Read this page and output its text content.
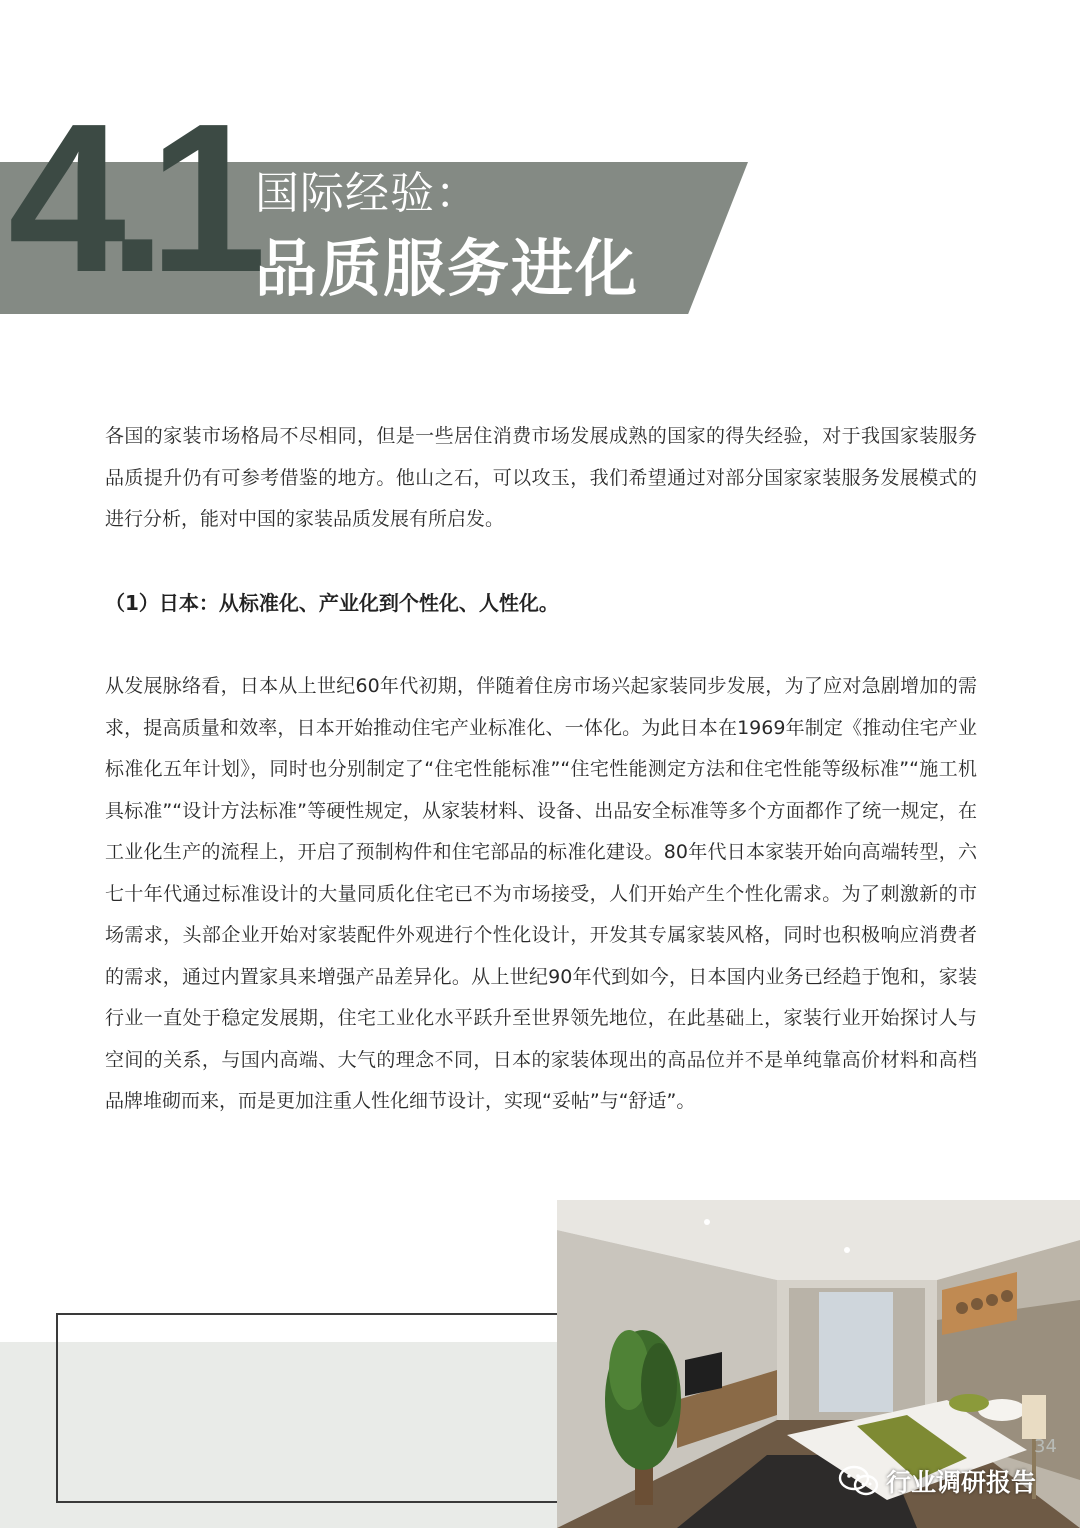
4.1 国际经验：
品质服务进化

各国的家装市场格局不尽相同，但是一些居住消费市场发展成熟的国家的得失经验，对于我国家装服务品质提升仍有可参考借鉴的地方。他山之石，可以攻玉，我们希望通过对部分国家家装服务发展模式的进行分析，能对中国的家装品质发展有所启发。

（1）日本：从标准化、产业化到个性化、人性化。

从发展脉络看，日本从上世纪60年代初期，伴随着住房市场兴起家装同步发展，为了应对急剧增加的需求，提高质量和效率，日本开始推动住宅产业标准化、一体化。为此日本在1969年制定《推动住宅产业标准化五年计划》，同时也分别制定了“住宅性能标准”“住宅性能测定方法和住宅性能等级标准”“施工机具标准”“设计方法标准”等硬性规定，从家装材料、设备、出品安全标准等多个方面都作了统一规定，在工业化生产的流程上，开启了预制构件和住宅部品的标准化建设。80年代日本家装开始向高端转型，六七十年代通过标准设计的大量同质化住宅已不为市场接受，人们开始产生个性化需求。为了刺激新的市场需求，头部企业开始对家装配件外观进行个性化设计，开发其专属家装风格，同时也积极响应消费者的需求，通过内置家具来增强产品差异化。从上世纪90年代到如今，日本国内业务已经趋于饱和，家装行业一直处于稳定发展期，住宅工业化水平跃升至世界领先地位，在此基础上，家装行业开始探讨人与空间的关系，与国内高端、大气的理念不同，日本的家装体现出的高品位并不是单纯靠高价材料和高档品牌堆砌而来，而是更加注重人性化细节设计，实现“妥帖”与“舒适”。

34
行业调研报告
